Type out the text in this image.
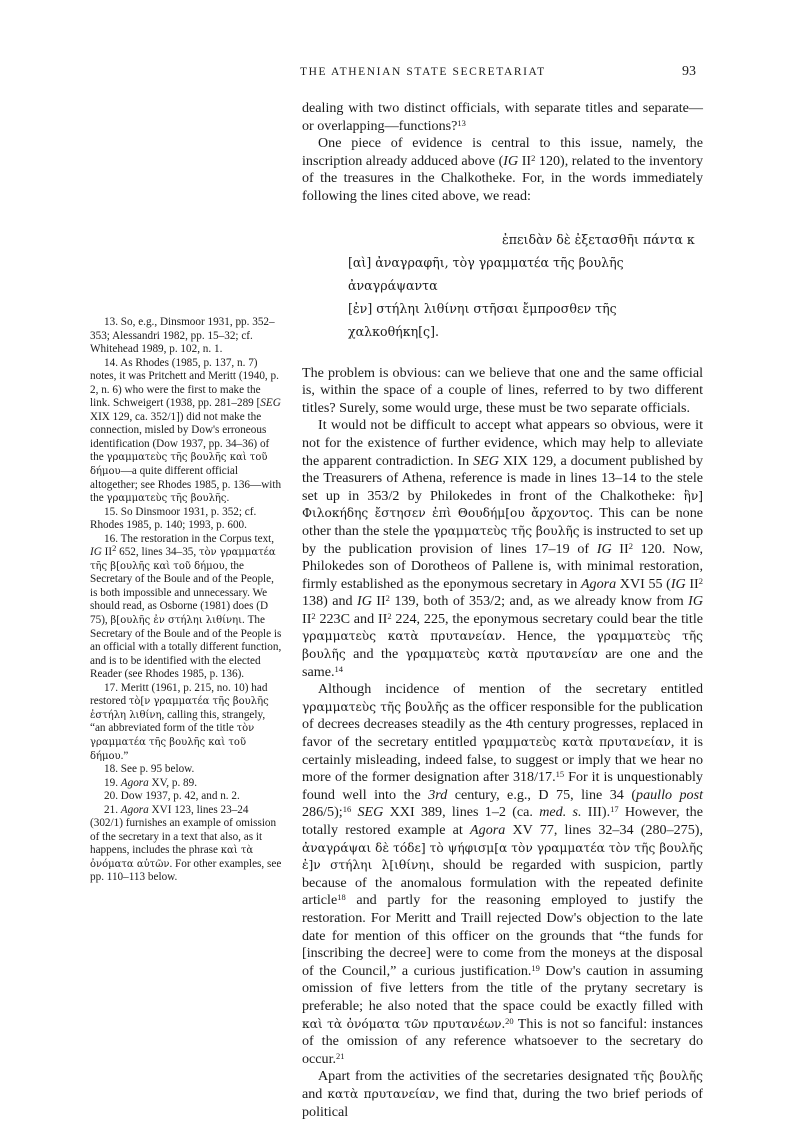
THE ATHENIAN STATE SECRETARIAT	93

dealing with two distinct officials, with separate titles and separate—or overlapping—functions?$^{13}$

One piece of evidence is central to this issue, namely, the inscription already adduced above (IG $II^2$ 120), related to the inventory of the treasures in the Chalkotheke. For, in the words immediately following the lines cited above, we read:

ἐπειδὰν δὲ ἐξετασθῆι πάντα κ
[αὶ] ἀναγραφῆι, τὸγ γραμματέα τῆς βουλῆς ἀναγράψαντα
[ἐν] στήληι λιθίνηι στῆσαι ἔμπροσθεν τῆς χαλκοθήκη[ς].

The problem is obvious: can we believe that one and the same official is, within the space of a couple of lines, referred to by two different titles? Surely, some would urge, these must be two separate officials.

It would not be difficult to accept what appears so obvious, were it not for the existence of further evidence, which may help to alleviate the apparent contradiction. In SEG XIX 129, a document published by the Treasurers of Athena, reference is made in lines 13–14 to the stele set up in 353/2 by Philokedes in front of the Chalkotheke: ἣν] Φιλοκήδης ἔστησεν ἐπὶ Θουδήμ[ου ἄρχοντος. This can be none other than the stele the γραμματεὺς τῆς βουλῆς is instructed to set up by the publication provision of lines 17–19 of IG $II^2$ 120. Now, Philokedes son of Dorotheos of Pallene is, with minimal restoration, firmly established as the eponymous secretary in Agora XVI 55 (IG $II^2$ 138) and IG $II^2$ 139, both of 353/2; and, as we already know from IG $II^2$ 223C and $II^2$ 224, 225, the eponymous secretary could bear the title γραμματεὺς κατὰ πρυτανείαν. Hence, the γραμματεὺς τῆς βουλῆς and the γραμματεὺς κατὰ πρυτανείαν are one and the same.$^{14}$

Although incidence of mention of the secretary entitled γραμματεὺς τῆς βουλῆς as the officer responsible for the publication of decrees decreases steadily as the 4th century progresses, replaced in favor of the secretary entitled γραμματεὺς κατὰ πρυτανείαν, it is certainly misleading, indeed false, to suggest or imply that we hear no more of the former designation after 318/17.15 For it is unquestionably found well into the 3rd century, e.g., D 75, line 34 (paullo post 286/5);$^{16}$ SEG XXI 389, lines 1–2 (ca. med. s. III).$^{17}$ However, the totally restored example at Agora XV 77, lines 32–34 (280–275), ἀναγράψαι δὲ τόδε] τὸ ψήφισμ[α τὸν γραμματέα τὸν τῆς βουλῆς ἐ]ν στήληι λ[ιθίνηι, should be regarded with suspicion, partly because of the anomalous formulation with the repeated definite article$^{18}$ and partly for the reasoning employed to justify the restoration. For Meritt and Traill rejected Dow's objection to the late date for mention of this officer on the grounds that “the funds for [inscribing the decree] were to come from the moneys at the disposal of the Council,” a curious justification.$^{19}$ Dow's caution in assuming omission of five letters from the title of the prytany secretary is preferable; he also noted that the space could be exactly filled with καὶ τὰ ὀνόματα τῶν πρυτανέων.$^{20}$ This is not so fanciful: instances of the omission of any reference whatsoever to the secretary do occur.$^{21}$

Apart from the activities of the secretaries designated τῆς βουλῆς and κατὰ πρυτανείαν, we find that, during the two brief periods of political

13. So, e.g., Dinsmoor 1931, pp. 352–353; Alessandri 1982, pp. 15–32; cf. Whitehead 1989, p. 102, n. 1.

14. As Rhodes (1985, p. 137, n. 7) notes, it was Pritchett and Meritt (1940, p. 2, n. 6) who were the first to make the link. Schweigert (1938, pp. 281–289 [SEG XIX 129, ca. 352/1]) did not make the connection, misled by Dow's erroneous identification (Dow 1937, pp. 34–36) of the γραμματεὺς τῆς βουλῆς καὶ τοῦ δήμου—a quite different official altogether; see Rhodes 1985, p. 136—with the γραμματεὺς τῆς βουλῆς.

15. So Dinsmoor 1931, p. 352; cf. Rhodes 1985, p. 140; 1993, p. 600.

16. The restoration in the Corpus text, IG $II^2$ 652, lines 34–35, τὸν γραμματέα τῆς β[ουλῆς καὶ τοῦ δήμου, the Secretary of the Boule and of the People, is both impossible and unnecessary. We should read, as Osborne (1981) does (D 75), β[ουλῆς ἐν στήληι λιθίνηι. The Secretary of the Boule and of the People is an official with a totally different function, and is to be identified with the elected Reader (see Rhodes 1985, p. 136).

17. Meritt (1961, p. 215, no. 10) had restored τὸ[ν γραμματέα τῆς βουλῆς ἐστήλη λιθίνη, calling this, strangely, “an abbreviated form of the title τὸν γραμματέα τῆς βουλῆς καὶ τοῦ δήμου.”

18. See p. 95 below.

19. Agora XV, p. 89.

20. Dow 1937, p. 42, and n. 2.

21. Agora XVI 123, lines 23–24 (302/1) furnishes an example of omission of the secretary in a text that also, as it happens, includes the phrase καὶ τὰ ὀνόματα αὐτῶν. For other examples, see pp. 110–113 below.
